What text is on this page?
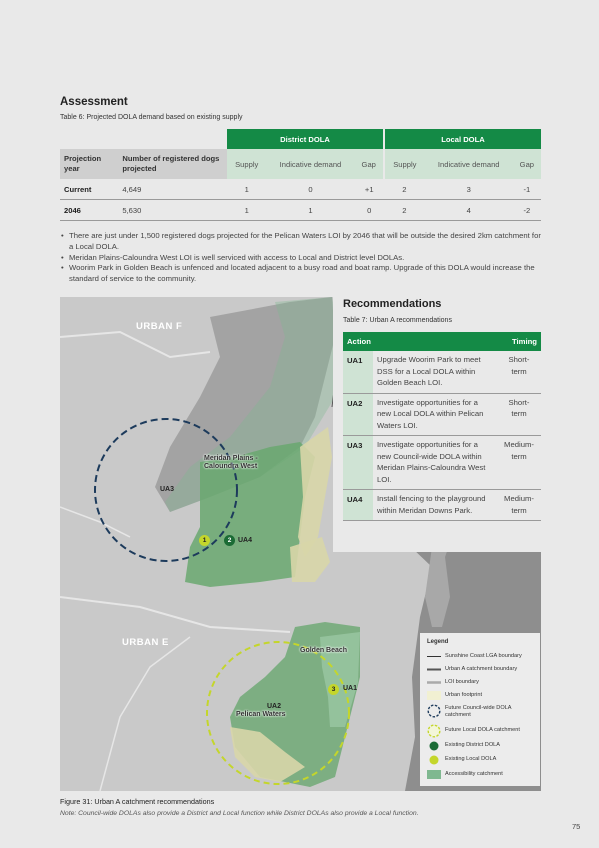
Assessment
Table 6: Projected DOLA demand based on existing supply
		District DOLA			Local DOLA		
Projection year	Number of registered dogs projected	Supply	Indicative demand	Gap	Supply	Indicative demand	Gap
Current	4,649	1	0	+1	2	3	-1
2046	5,630	1	1	0	2	4	-2
• There are just under 1,500 registered dogs projected for the Pelican Waters LOI by 2046 that will be outside the desired 2km catchment for a Local DOLA.
• Meridan Plains-Caloundra West LOI is well serviced with access to Local and District level DOLAs.
• Woorim Park in Golden Beach is unfenced and located adjacent to a busy road and boat ramp. Upgrade of this DOLA would increase the standard of service to the community.
URBAN F
URBAN E
Meridan Plains - Caloundra West
Golden Beach
Pelican Waters
UA3
UA4
UA1
UA2
1	2
3
Recommendations
Table 7: Urban A recommendations
Action		Timing
UA1	Upgrade Woorim Park to meet DSS for a Local DOLA within Golden Beach LOI.	Short-term
UA2	Investigate opportunities for a new Local DOLA within Pelican Waters LOI.	Short-term
UA3	Investigate opportunities for a new Council-wide DOLA within Meridan Plains-Caloundra West LOI.	Medium-term
UA4	Install fencing to the playground within Meridan Downs Park.	Medium-term
Legend
Sunshine Coast LGA boundary
Urban A catchment boundary
LOI boundary
Urban footprint
Future Council-wide DOLA catchment
Future Local DOLA catchment
Existing District DOLA
Existing Local DOLA
Accessibility catchment
Figure 31: Urban A catchment recommendations
Note: Council-wide DOLAs also provide a District and Local function while District DOLAs also provide a Local function.
75
